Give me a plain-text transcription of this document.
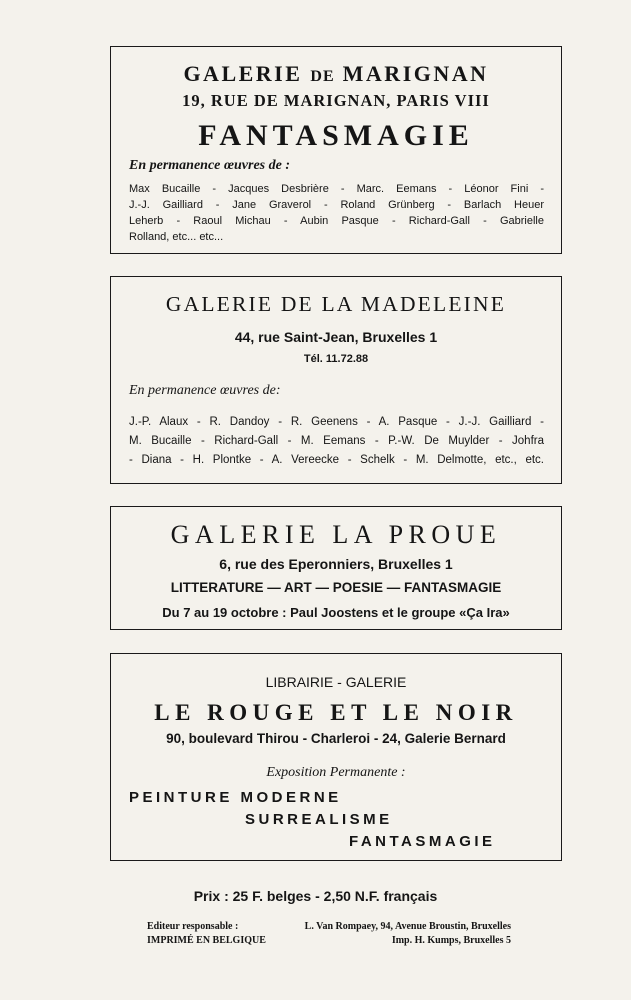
GALERIE DE MARIGNAN
19, RUE DE MARIGNAN, PARIS VIII
FANTASMAGIE
En permanence œuvres de :
Max Bucaille - Jacques Desbrière - Marc. Eemans - Léonor Fini -
J.-J. Gailliard - Jane Graverol - Roland Grünberg - Barlach Heuer
Leherb - Raoul Michau - Aubin Pasque - Richard-Gall - Gabrielle
Rolland, etc... etc...
GALERIE DE LA MADELEINE
44, rue Saint-Jean, Bruxelles 1
Tél. 11.72.88
En permanence œuvres de:
J.-P. Alaux - R. Dandoy - R. Geenens - A. Pasque - J.-J. Gailliard -
M. Bucaille - Richard-Gall - M. Eemans - P.-W. De Muylder - Johfra
- Diana - H. Plontke - A. Vereecke - Schelk - M. Delmotte, etc., etc.
GALERIE LA PROUE
6, rue des Eperonniers, Bruxelles 1
LITTERATURE — ART — POESIE — FANTASMAGIE
Du 7 au 19 octobre : Paul Joostens et le groupe «Ça Ira»
LIBRAIRIE - GALERIE
LE ROUGE ET LE NOIR
90, boulevard Thirou - Charleroi - 24, Galerie Bernard
Exposition Permanente :
PEINTURE MODERNE
SURREALISME
FANTASMAGIE
Prix : 25 F. belges - 2,50 N.F. français
Editeur responsable :	L. Van Rompaey, 94, Avenue Broustin, Bruxelles
IMPRIMÉ EN BELGIQUE	Imp. H. Kumps, Bruxelles 5
